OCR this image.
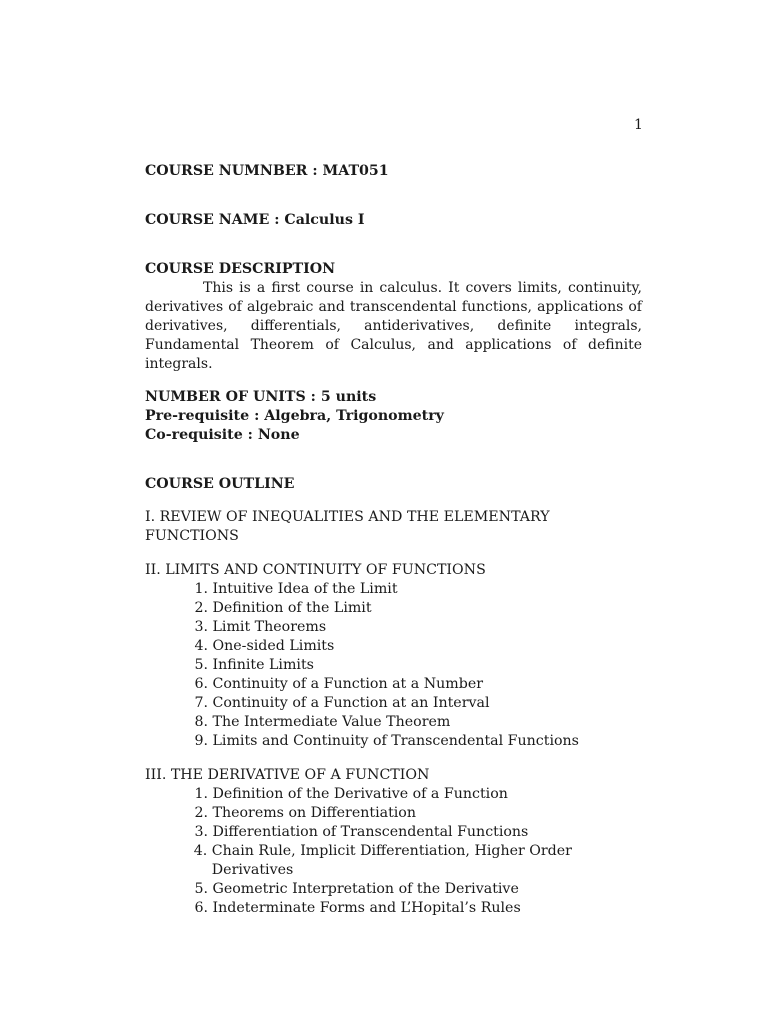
1

COURSE NUMNBER : MAT051

COURSE NAME : Calculus I

COURSE DESCRIPTION

This is a first course in calculus. It covers limits, continuity, derivatives of algebraic and transcendental functions, applications of derivatives, differentials, antiderivatives, definite integrals, Fundamental Theorem of Calculus, and applications of definite integrals.

NUMBER OF UNITS : 5 units

Pre-requisite : Algebra, Trigonometry

Co-requisite : None

COURSE OUTLINE

I. REVIEW OF INEQUALITIES AND THE ELEMENTARY FUNCTIONS

II. LIMITS AND CONTINUITY OF FUNCTIONS

1.
Intuitive Idea of the Limit
2.
Definition of the Limit
3.
Limit Theorems
4.
One-sided Limits
5.
Infinite Limits
6.
Continuity of a Function at a Number
7.
Continuity of a Function at an Interval
8.
The Intermediate Value Theorem
9.
Limits and Continuity of Transcendental Functions

III. THE DERIVATIVE OF A FUNCTION

1.
Definition of the Derivative of a Function
2.
Theorems on Differentiation
3.
Differentiation of Transcendental Functions
4.
Chain Rule, Implicit Differentiation, Higher Order Derivatives
5.
Geometric Interpretation of the Derivative
6.
Indeterminate Forms and L’Hopital’s Rules
